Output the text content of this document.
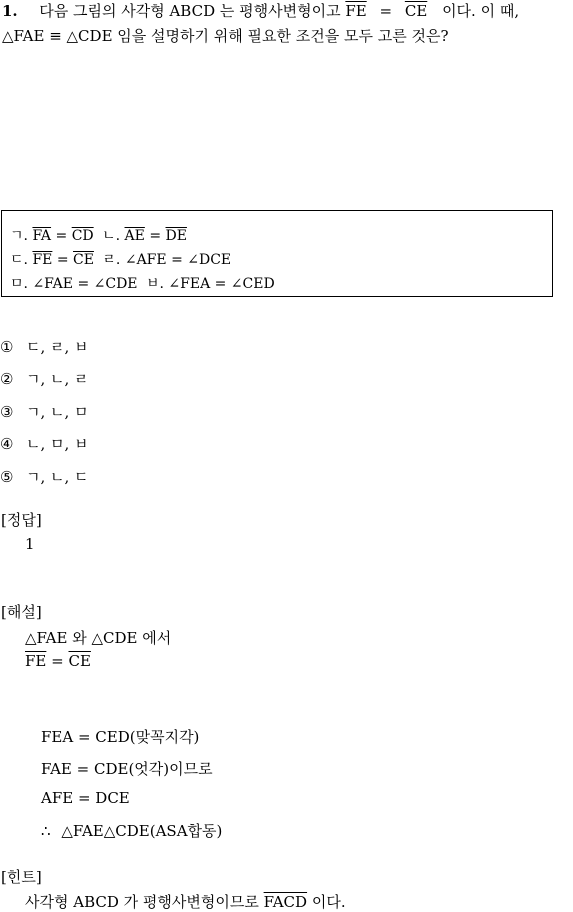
1. 다음 그림의 사각형 ABCD 는 평행사변형이고 $\overline{FE} = \overline{CE}$ 이다. 이 때,
△FAE ≡ △CDE 임을 설명하기 위해 필요한 조건을 모두 고른 것은?
ㄱ. $\overline{FA} = \overline{CD}$ ㄴ. $\overline{AE} = \overline{DE}$
ㄷ. $\overline{FE} = \overline{CE}$ ㄹ. ∠AFE = ∠DCE
ㅁ. ∠FAE = ∠CDE ㅂ. ∠FEA = ∠CED
① ㄷ, ㄹ, ㅂ
② ㄱ, ㄴ, ㄹ
③ ㄱ, ㄴ, ㅁ
④ ㄴ, ㅁ, ㅂ
⑤ ㄱ, ㄴ, ㄷ
[정답]
1
[해설]
△FAE 와 △CDE 에서
$\overline{FE} = \overline{CE}$
FEA = CED(맞꼭지각)
FAE = CDE(엇각)이므로
AFE = DCE
∴ △FAE△CDE(ASA합동)
[힌트]
사각형 ABCD 가 평행사변형이므로 FACD 이다.
